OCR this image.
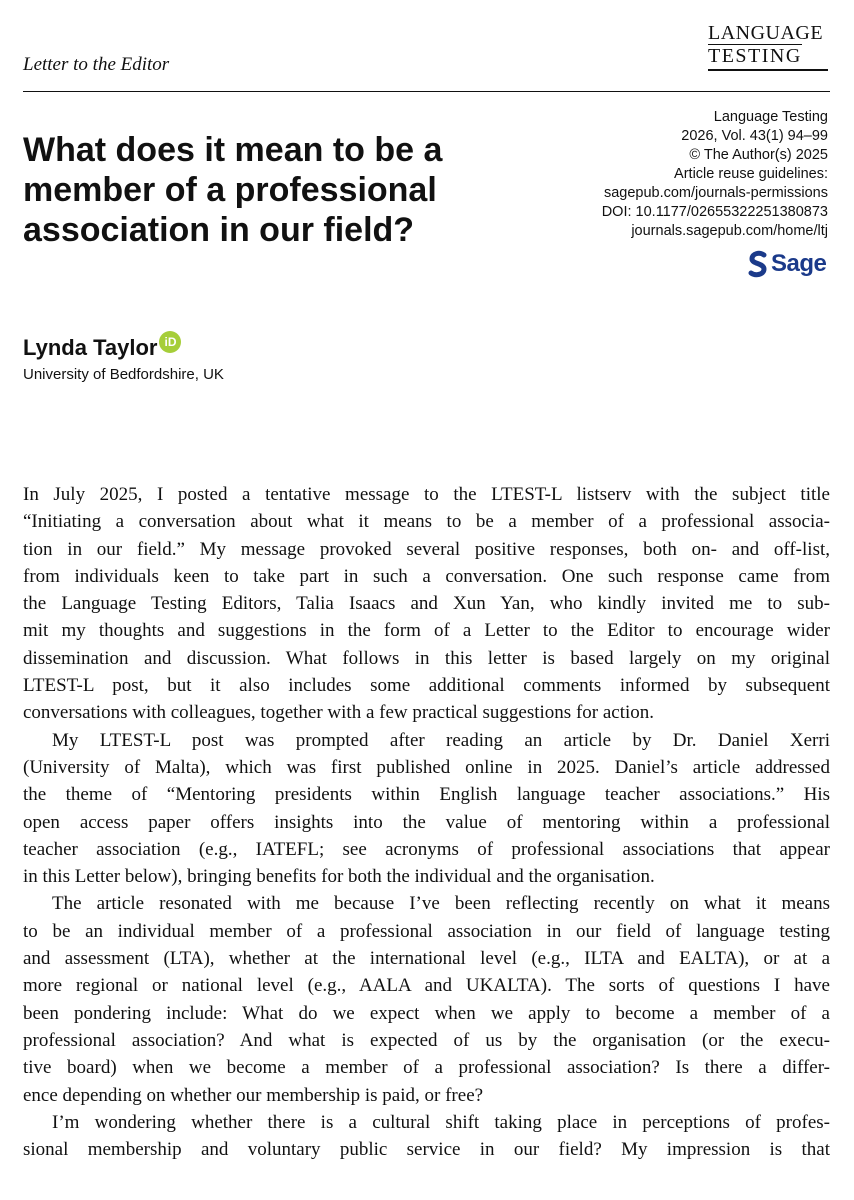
Letter to the Editor
LANGUAGE
TESTING
What does it mean to be a
member of a professional
association in our field?
Language Testing
2026, Vol. 43(1) 94–99
© The Author(s) 2025
Article reuse guidelines:
sagepub.com/journals-permissions
DOI: 10.1177/02655322251380873
journals.sagepub.com/home/ltj
Sage
Lynda Taylor iD
University of Bedfordshire, UK

In July 2025, I posted a tentative message to the LTEST-L listserv with the subject title
“Initiating a conversation about what it means to be a member of a professional associa-
tion in our field.” My message provoked several positive responses, both on- and off-list,
from individuals keen to take part in such a conversation. One such response came from
the Language Testing Editors, Talia Isaacs and Xun Yan, who kindly invited me to sub-
mit my thoughts and suggestions in the form of a Letter to the Editor to encourage wider
dissemination and discussion. What follows in this letter is based largely on my original
LTEST-L post, but it also includes some additional comments informed by subsequent
conversations with colleagues, together with a few practical suggestions for action.

My LTEST-L post was prompted after reading an article by Dr. Daniel Xerri
(University of Malta), which was first published online in 2025. Daniel’s article addressed
the theme of “Mentoring presidents within English language teacher associations.” His
open access paper offers insights into the value of mentoring within a professional
teacher association (e.g., IATEFL; see acronyms of professional associations that appear
in this Letter below), bringing benefits for both the individual and the organisation.

The article resonated with me because I’ve been reflecting recently on what it means
to be an individual member of a professional association in our field of language testing
and assessment (LTA), whether at the international level (e.g., ILTA and EALTA), or at a
more regional or national level (e.g., AALA and UKALTA). The sorts of questions I have
been pondering include: What do we expect when we apply to become a member of a
professional association? And what is expected of us by the organisation (or the execu-
tive board) when we become a member of a professional association? Is there a differ-
ence depending on whether our membership is paid, or free?

I’m wondering whether there is a cultural shift taking place in perceptions of profes-
sional membership and voluntary public service in our field? My impression is that
